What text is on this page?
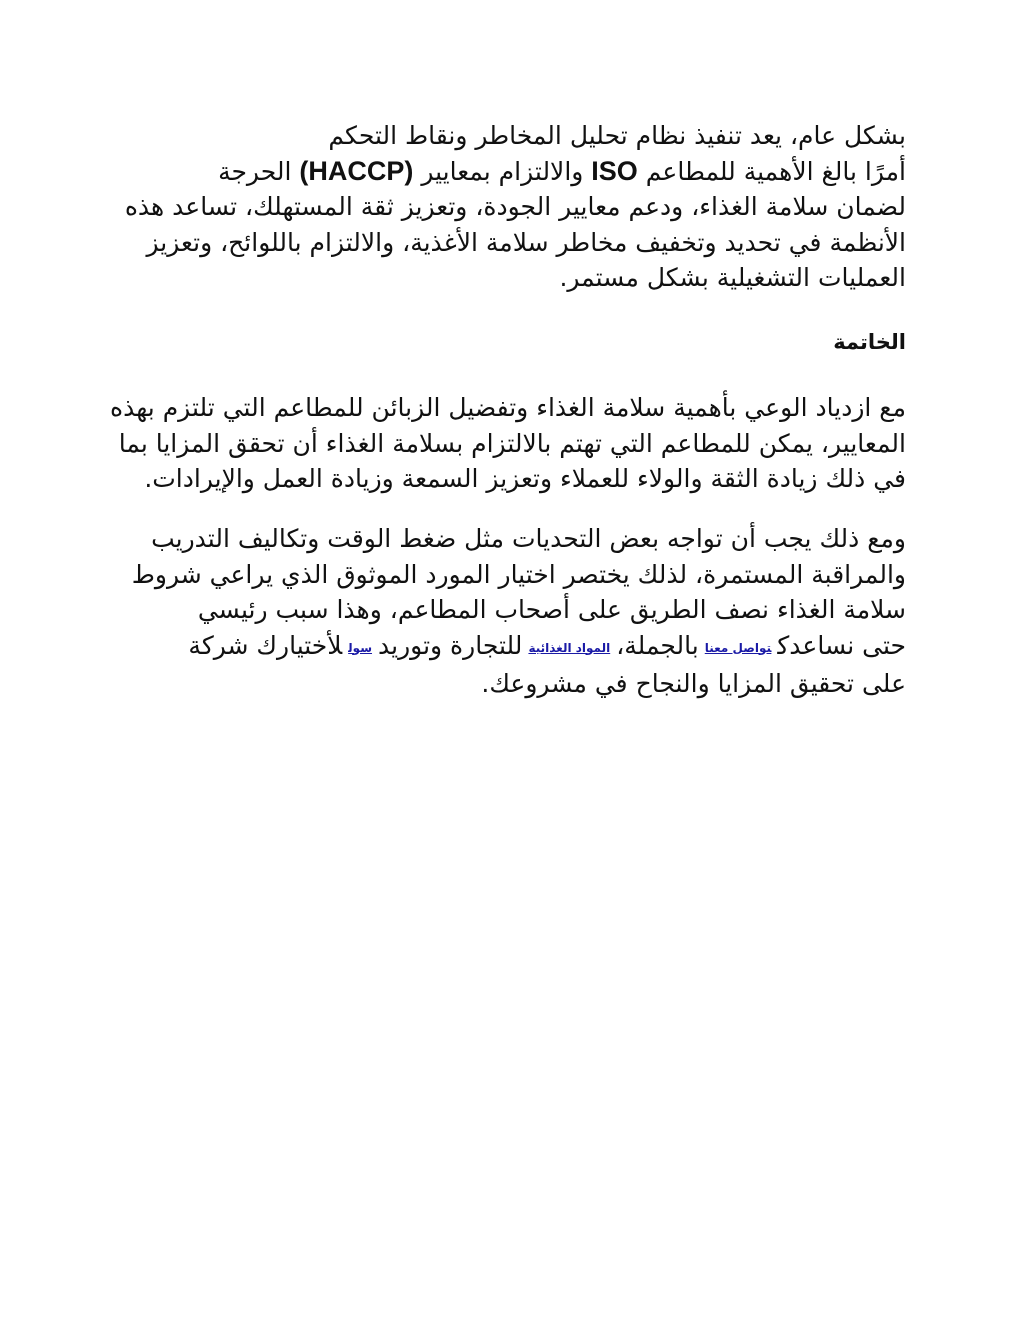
بشكل عام، يعد تنفيذ نظام تحليل المخاطر ونقاط التحكم
أمرًا بالغ الأهمية للمطاعم ISO والالتزام بمعايير (HACCP) الحرجة
لضمان سلامة الغذاء، ودعم معايير الجودة، وتعزيز ثقة المستهلك، تساعد هذه
الأنظمة في تحديد وتخفيف مخاطر سلامة الأغذية، والالتزام باللوائح، وتعزيز
العمليات التشغيلية بشكل مستمر.
الخاتمة
مع ازدياد الوعي بأهمية سلامة الغذاء وتفضيل الزبائن للمطاعم التي تلتزم بهذه
المعايير، يمكن للمطاعم التي تهتم بالالتزام بسلامة الغذاء أن تحقق المزايا بما
في ذلك زيادة الثقة والولاء للعملاء وتعزيز السمعة وزيادة العمل والإيرادات.
ومع ذلك يجب أن تواجه بعض التحديات مثل ضغط الوقت وتكاليف التدريب
والمراقبة المستمرة، لذلك يختصر اختيار المورد الموثوق الذي يراعي شروط
سلامة الغذاء نصف الطريق على أصحاب المطاعم، وهذا سبب رئيسي
حتى نساعدكتواصل معنابالجملة،المواد الغذائيةللتجارة وتوريدسوللأختيارك شركة
على تحقيق المزايا والنجاح في مشروعك.
